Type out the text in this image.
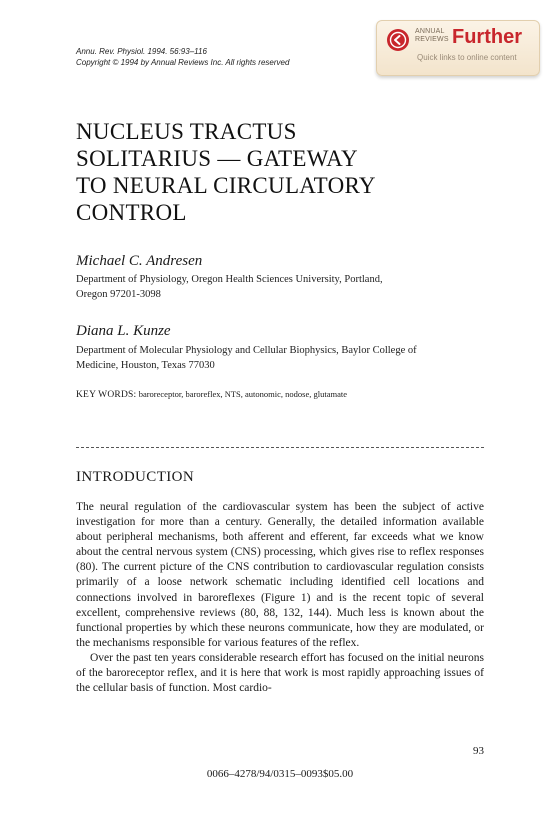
Annu. Rev. Physiol. 1994. 56:93–116
Copyright © 1994 by Annual Reviews Inc. All rights reserved
ANNUAL
REVIEWS Further
Quick links to online content
NUCLEUS TRACTUS
SOLITARIUS — GATEWAY
TO NEURAL CIRCULATORY
CONTROL
Michael C. Andresen
Department of Physiology, Oregon Health Sciences University, Portland,
Oregon 97201-3098
Diana L. Kunze
Department of Molecular Physiology and Cellular Biophysics, Baylor College of
Medicine, Houston, Texas 77030
KEY WORDS: baroreceptor, baroreflex, NTS, autonomic, nodose, glutamate
INTRODUCTION

The neural regulation of the cardiovascular system has been the subject of active investigation for more than a century. Generally, the detailed information available about peripheral mechanisms, both afferent and efferent, far exceeds what we know about the central nervous system (CNS) processing, which gives rise to reflex responses (80). The current picture of the CNS contribution to cardiovascular regulation consists primarily of a loose network schematic including identified cell locations and connections involved in baroreflexes (Figure 1) and is the recent topic of several excellent, comprehensive reviews (80, 88, 132, 144). Much less is known about the functional properties by which these neurons communicate, how they are modulated, or the mechanisms responsible for various features of the reflex.

Over the past ten years considerable research effort has focused on the initial neurons of the baroreceptor reflex, and it is here that work is most rapidly approaching issues of the cellular basis of function. Most cardio-

93
0066–4278/94/0315–0093$05.00
